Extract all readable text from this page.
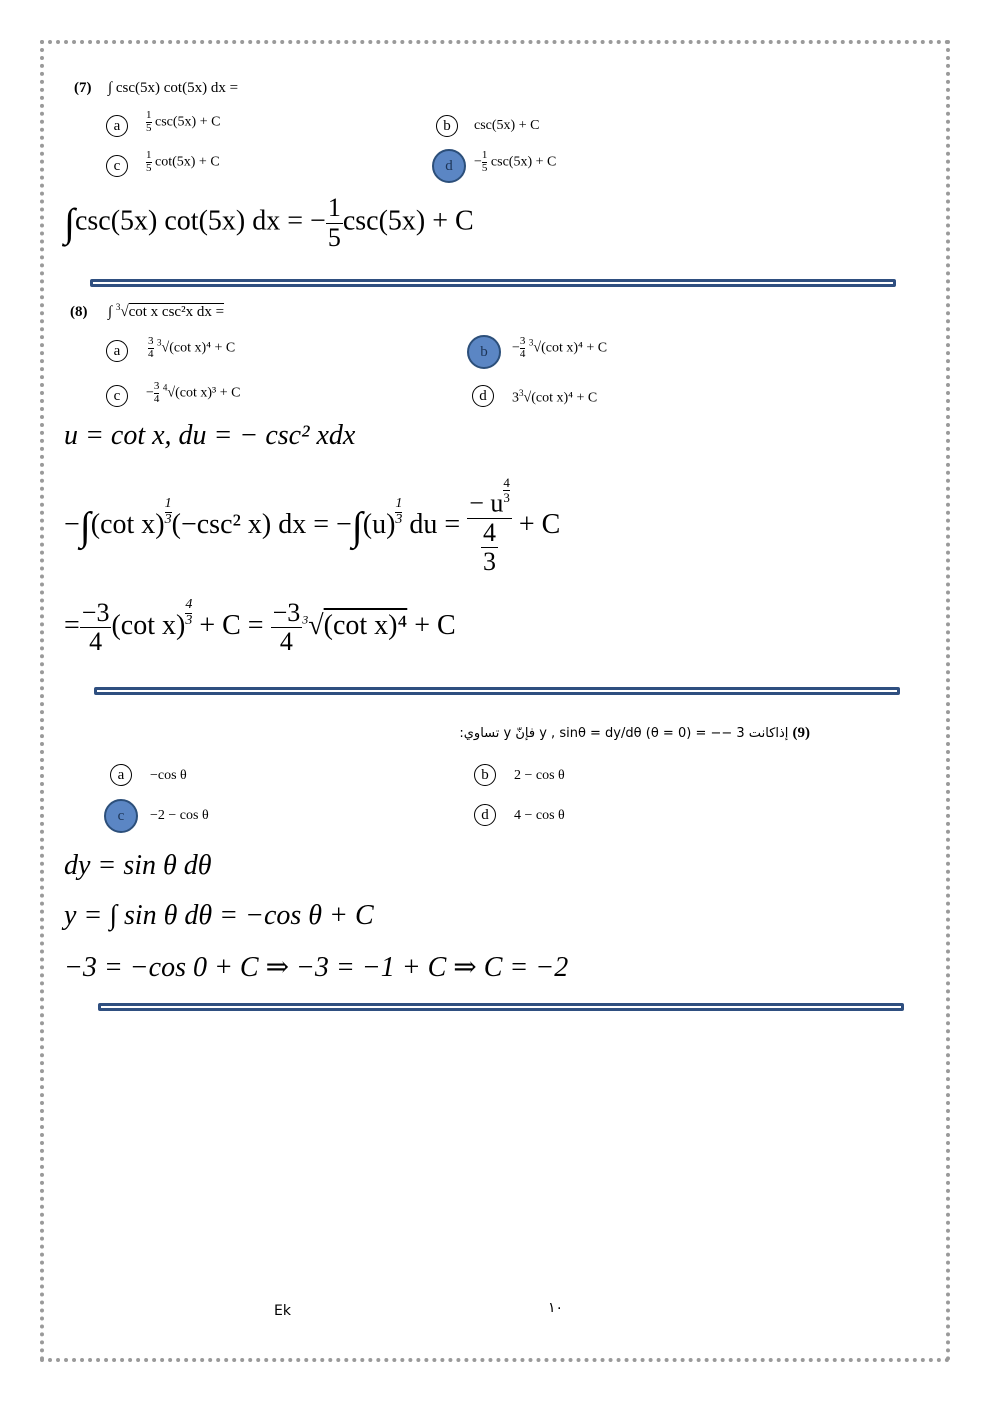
(7) ∫ csc(5x) cot(5x) dx =
a	$\frac{1}{5} \csc(5x) + C$	b	csc(5x) + C
c	$\frac{1}{5} \cot(5x) + C$	d	− $\frac{1}{5} \csc(5x) + C$
∫csc(5x) cot(5x) dx = − $\frac{1}{5} \csc(5x) + C$
(8) ∫ $^3$√cot x csc²x dx =
a	$\frac{3}{4} ^3√(\cot$ x)⁴ + C	b	− $\frac{3}{4} ^3√(\cot$ x)⁴ + C
c	− $\frac{3}{4} ^4√(\cot$ x)³ + C	d	$3^3√(\cot$ x)⁴ + C
u = cot x, du = − csc² xdx
−∫(cot $x) \frac{1}{3} (-\csc^2$ x) dx = $-\int(u) \frac{1}{3}$ du = $\frac{- u \frac{4}{3}}{\frac{4}{3}} + C$
= $\frac{-3}{4} (\cot$ $x) \frac{4}{3} + C = \frac{-3}{4} ^3√(\cot$ x)⁴ + C
(9) إذاكانت 3 −− = (0 = θ) y , sinθ = dy/dθ فإنّ y تساوي:
a	−cos θ	b	2 − cos θ
c	−2 − cos θ	d	4 − cos θ
dy = sin θ dθ
y = ∫ sin θ dθ = −cos θ + C
−3 = −cos 0 + C ⇒ −3 = −1 + C ⇒ C = −2
Ek	١٠
